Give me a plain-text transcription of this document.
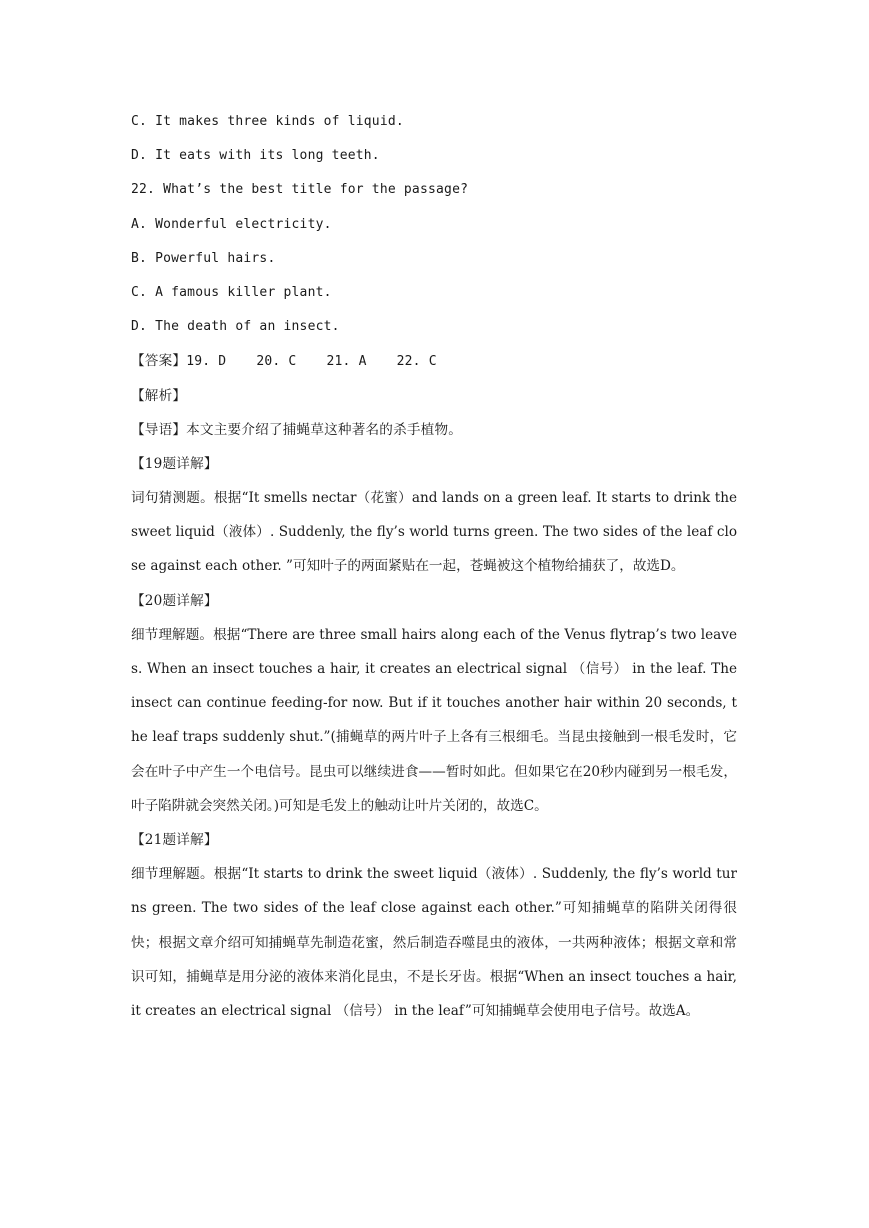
C. It makes three kinds of liquid.
D. It eats with its long teeth.
22. What’s the best title for the passage?
A. Wonderful electricity.
B. Powerful hairs.
C. A famous killer plant.
D. The death of an insect.
【答案】19. D 20. C 21. A 22. C
【解析】
【导语】本文主要介绍了捕蝇草这种著名的杀手植物。
【19题详解】
词句猜测题。根据“It smells nectar（花蜜）and lands on a green leaf. It starts to drink the sweet liquid（液体）. Suddenly, the fly’s world turns green. The two sides of the leaf close against each other. ”可知叶子的两面紧贴在一起，苍蝇被这个植物给捕获了，故选D。
【20题详解】
细节理解题。根据“There are three small hairs along each of the Venus flytrap’s two leaves. When an insect touches a hair, it creates an electrical signal （信号） in the leaf. The insect can continue feeding-for now. But if it touches another hair within 20 seconds, the leaf traps suddenly shut.”(捕蝇草的两片叶子上各有三根细毛。当昆虫接触到一根毛发时，它会在叶子中产生一个电信号。昆虫可以继续进食——暂时如此。但如果它在20秒内碰到另一根毛发，叶子陷阱就会突然关闭。)可知是毛发上的触动让叶片关闭的，故选C。
【21题详解】
细节理解题。根据“It starts to drink the sweet liquid（液体）. Suddenly, the fly’s world turns green. The two sides of the leaf close against each other.”可知捕蝇草的陷阱关闭得很快；根据文章介绍可知捕蝇草先制造花蜜，然后制造吞噬昆虫的液体，一共两种液体；根据文章和常识可知，捕蝇草是用分泌的液体来消化昆虫，不是长牙齿。根据“When an insect touches a hair, it creates an electrical signal （信号） in the leaf”可知捕蝇草会使用电子信号。故选A。
